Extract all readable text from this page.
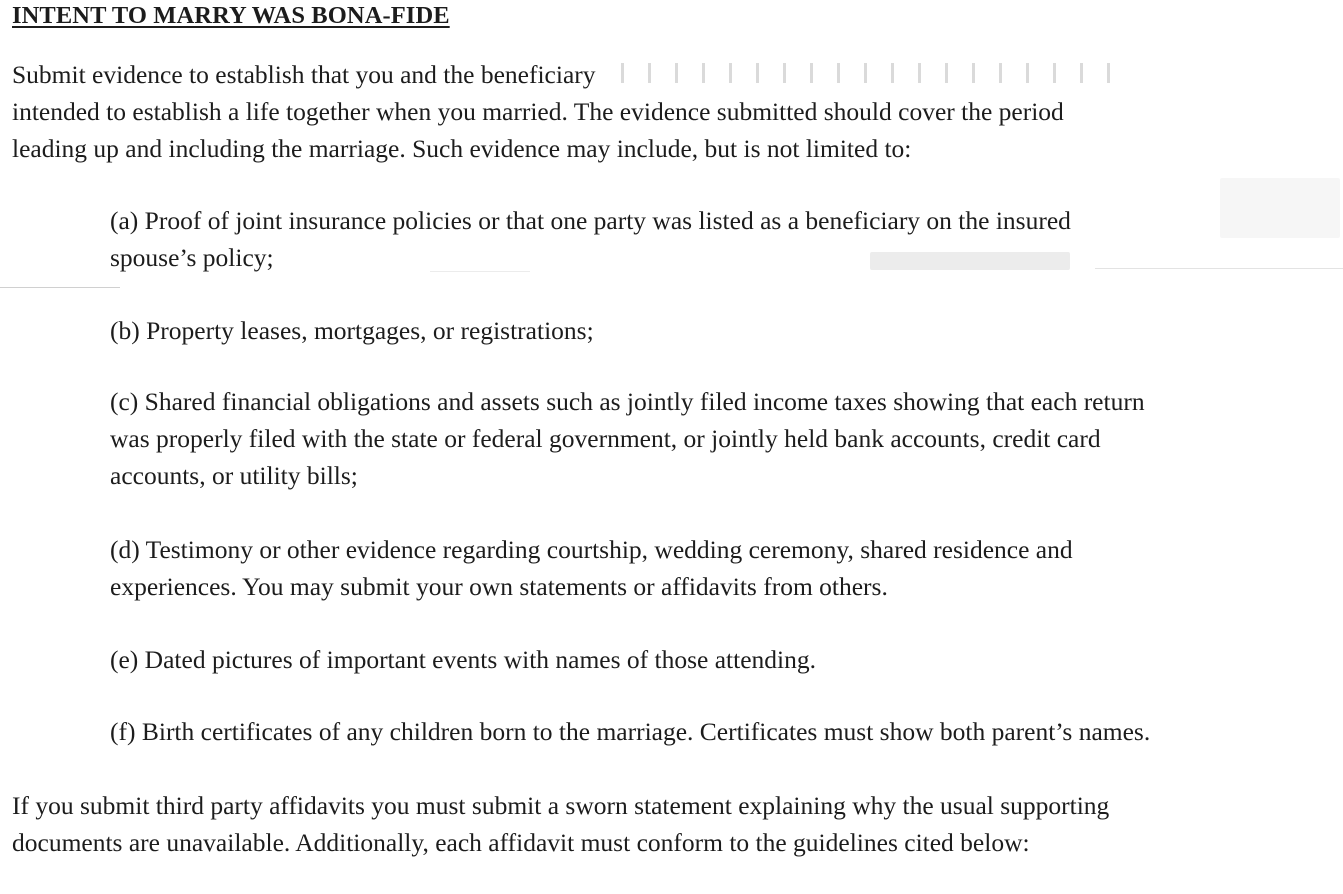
INTENT TO MARRY WAS BONA-FIDE

Submit evidence to establish that you and the beneficiary
intended to establish a life together when you married. The evidence submitted should cover the period
leading up and including the marriage. Such evidence may include, but is not limited to:

(a) Proof of joint insurance policies or that one party was listed as a beneficiary on the insured
spouse’s policy;

(b) Property leases, mortgages, or registrations;

(c) Shared financial obligations and assets such as jointly filed income taxes showing that each return
was properly filed with the state or federal government, or jointly held bank accounts, credit card
accounts, or utility bills;

(d) Testimony or other evidence regarding courtship, wedding ceremony, shared residence and
experiences. You may submit your own statements or affidavits from others.

(e) Dated pictures of important events with names of those attending.

(f) Birth certificates of any children born to the marriage. Certificates must show both parent’s names.

If you submit third party affidavits you must submit a sworn statement explaining why the usual supporting
documents are unavailable. Additionally, each affidavit must conform to the guidelines cited below:
